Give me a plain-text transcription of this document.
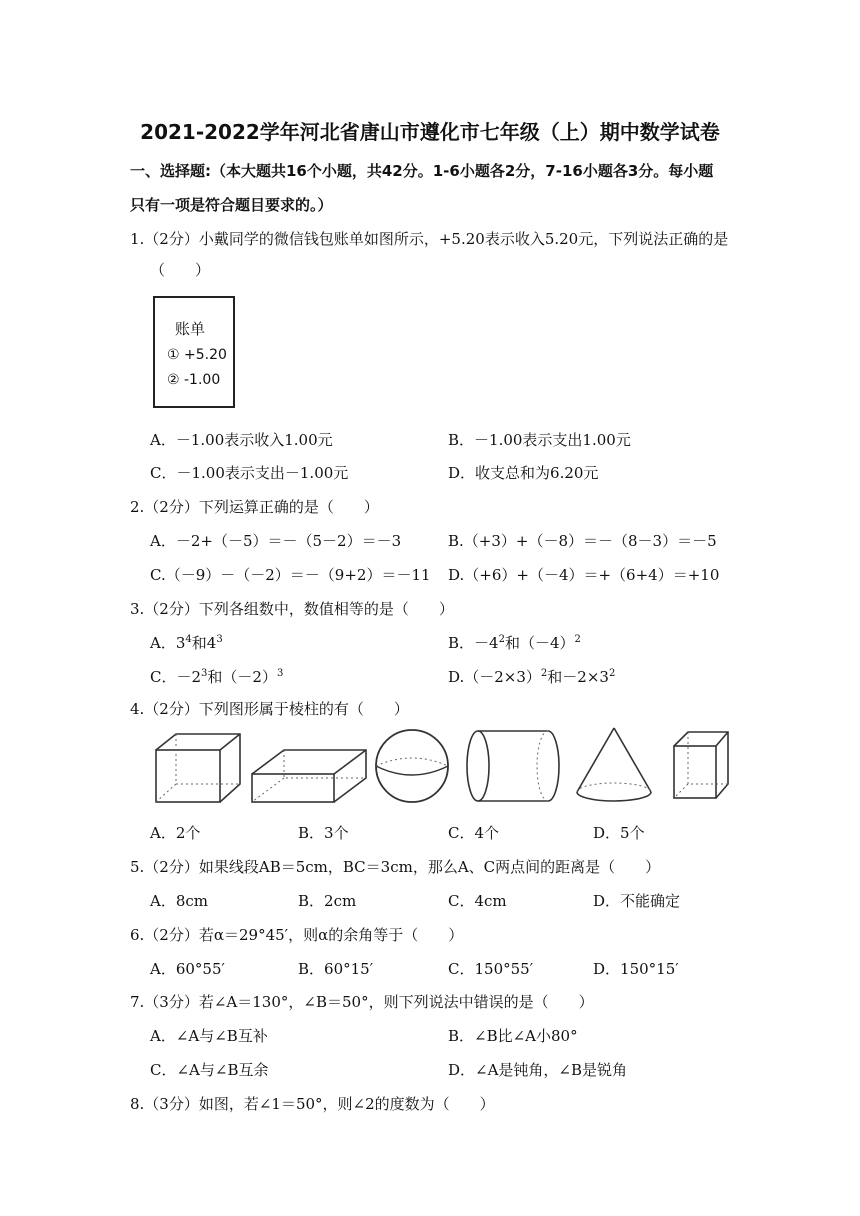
2021-2022学年河北省唐山市遵化市七年级（上）期中数学试卷
一、选择题:（本大题共16个小题，共42分。1-6小题各2分，7-16小题各3分。每小题
只有一项是符合题目要求的。）
1.（2分）小戴同学的微信钱包账单如图所示，+5.20表示收入5.20元，下列说法正确的是
（　　）
账单
① +5.20
② -1.00
A．－1.00表示收入1.00元	B．－1.00表示支出1.00元
C．－1.00表示支出－1.00元	D．收支总和为6.20元
2.（2分）下列运算正确的是（　　）
A．－2+（－5）＝－（5－2）＝－3	B.（+3）+（－8）＝－（8－3）＝－5
C.（－9）－（－2）＝－（9+2）＝－11 D.（+6）+（－4）＝+（6+4）＝+10
3.（2分）下列各组数中，数值相等的是（　　）
A．$3^4$和$4^3$	B．$-4^2$和$(-4)^2$
C．$-2^3$和$(-2)^3$	$D.(-2\times 3)^2$和$-2\times 3^2$
4.（2分）下列图形属于棱柱的有（　　）
A．2个	B．3个	C．4个	D．5个
5.（2分）如果线段AB＝5cm，BC＝3cm，那么A、C两点间的距离是（　　）
A．8cm	B．2cm	C．4cm	D．不能确定
6.（2分）若α＝29°45′，则α的余角等于（　　）
A．60°55′	B．60°15′	C．150°55′	D．150°15′
7.（3分）若∠A＝130°，∠B＝50°，则下列说法中错误的是（　　）
A．∠A与∠B互补	B．∠B比∠A小80°
C．∠A与∠B互余	D．∠A是钝角，∠B是锐角
8.（3分）如图，若∠1＝50°，则∠2的度数为（　　）
